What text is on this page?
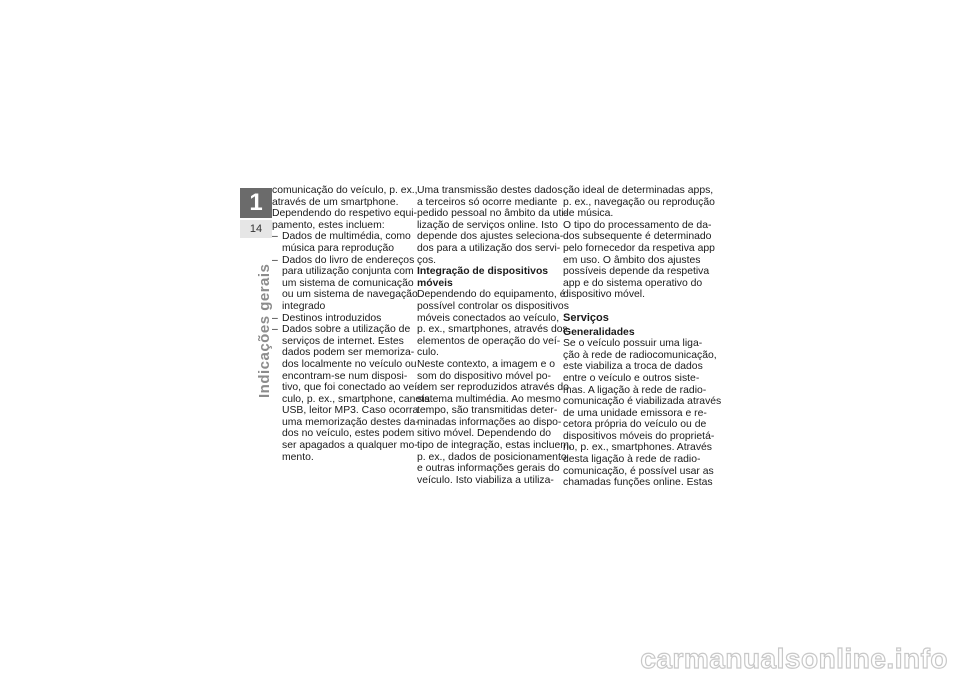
1
14
Indicações gerais
comunicação do veículo, p. ex.,
através de um smartphone.
Dependendo do respetivo equi-
pamento, estes incluem:
– Dados de multimédia, como
música para reprodução
– Dados do livro de endereços
para utilização conjunta com
um sistema de comunicação
ou um sistema de navegação
integrado
– Destinos introduzidos
– Dados sobre a utilização de
serviços de internet. Estes
dados podem ser memoriza-
dos localmente no veículo ou
encontram-se num disposi-
tivo, que foi conectado ao veí-
culo, p. ex., smartphone, caneta
USB, leitor MP3. Caso ocorra
uma memorização destes da-
dos no veículo, estes podem
ser apagados a qualquer mo-
mento.
Uma transmissão destes dados
a terceiros só ocorre mediante
pedido pessoal no âmbito da uti-
lização de serviços online. Isto
depende dos ajustes seleciona-
dos para a utilização dos servi-
ços.
Integração de dispositivos
móveis
Dependendo do equipamento, é
possível controlar os dispositivos
móveis conectados ao veículo,
p. ex., smartphones, através dos
elementos de operação do veí-
culo.
Neste contexto, a imagem e o
som do dispositivo móvel po-
dem ser reproduzidos através do
sistema multimédia. Ao mesmo
tempo, são transmitidas deter-
minadas informações ao dispo-
sitivo móvel. Dependendo do
tipo de integração, estas incluem,
p. ex., dados de posicionamento
e outras informações gerais do
veículo. Isto viabiliza a utiliza-
ção ideal de determinadas apps,
p. ex., navegação ou reprodução
de música.
O tipo do processamento de da-
dos subsequente é determinado
pelo fornecedor da respetiva app
em uso. O âmbito dos ajustes
possíveis depende da respetiva
app e do sistema operativo do
dispositivo móvel.
Serviços
Generalidades
Se o veículo possuir uma liga-
ção à rede de radiocomunicação,
este viabiliza a troca de dados
entre o veículo e outros siste-
mas. A ligação à rede de radio-
comunicação é viabilizada através
de uma unidade emissora e re-
cetora própria do veículo ou de
dispositivos móveis do proprietá-
rio, p. ex., smartphones. Através
desta ligação à rede de radio-
comunicação, é possível usar as
chamadas funções online. Estas
carmanualsonline.info
